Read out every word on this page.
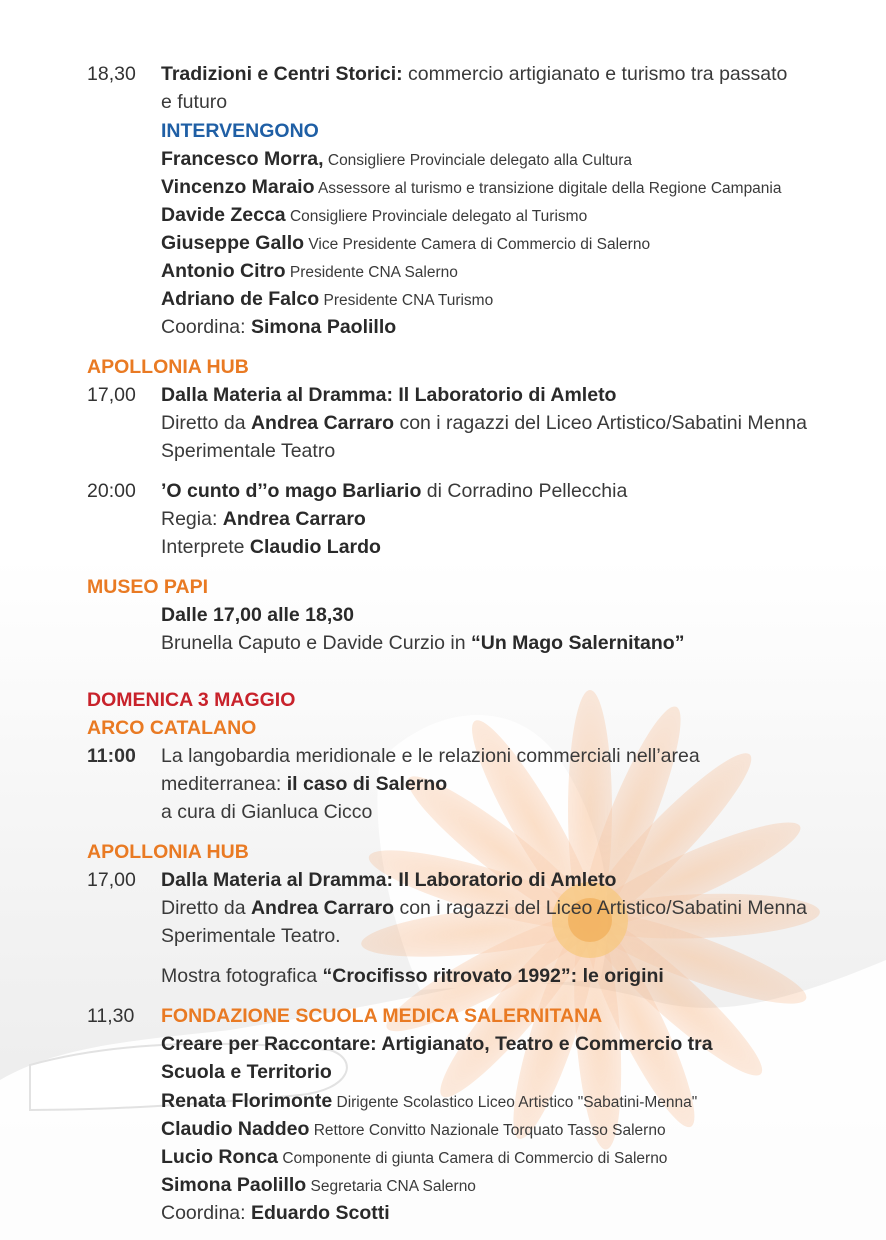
18,30 Tradizioni e Centri Storici: commercio artigianato e turismo tra passato
e futuro
INTERVENGONO
Francesco Morra, Consigliere Provinciale delegato alla Cultura
Vincenzo Maraio Assessore al turismo e transizione digitale della Regione Campania
Davide Zecca Consigliere Provinciale delegato al Turismo
Giuseppe Gallo Vice Presidente Camera di Commercio di Salerno
Antonio Citro Presidente CNA Salerno
Adriano de Falco Presidente CNA Turismo
Coordina: Simona Paolillo
APOLLONIA HUB
17,00 Dalla Materia al Dramma: Il Laboratorio di Amleto
Diretto da Andrea Carraro con i ragazzi del Liceo Artistico/Sabatini Menna
Sperimentale Teatro
20:00 ’O cunto d’’o mago Barliario di Corradino Pellecchia
Regia: Andrea Carraro
Interprete Claudio Lardo
MUSEO PAPI
Dalle 17,00 alle 18,30
Brunella Caputo e Davide Curzio in “Un Mago Salernitano”
DOMENICA 3 MAGGIO
ARCO CATALANO
11:00 La langobardia meridionale e le relazioni commerciali nell’area
mediterranea: il caso di Salerno
a cura di Gianluca Cicco
APOLLONIA HUB
17,00 Dalla Materia al Dramma: Il Laboratorio di Amleto
Diretto da Andrea Carraro con i ragazzi del Liceo Artistico/Sabatini Menna
Sperimentale Teatro.
Mostra fotografica “Crocifisso ritrovato 1992”: le origini
11,30 FONDAZIONE SCUOLA MEDICA SALERNITANA
Creare per Raccontare: Artigianato, Teatro e Commercio tra
Scuola e Territorio
Renata Florimonte Dirigente Scolastico Liceo Artistico "Sabatini-Menna"
Claudio Naddeo Rettore Convitto Nazionale Torquato Tasso Salerno
Lucio Ronca Componente di giunta Camera di Commercio di Salerno
Simona Paolillo Segretaria CNA Salerno
Coordina: Eduardo Scotti
